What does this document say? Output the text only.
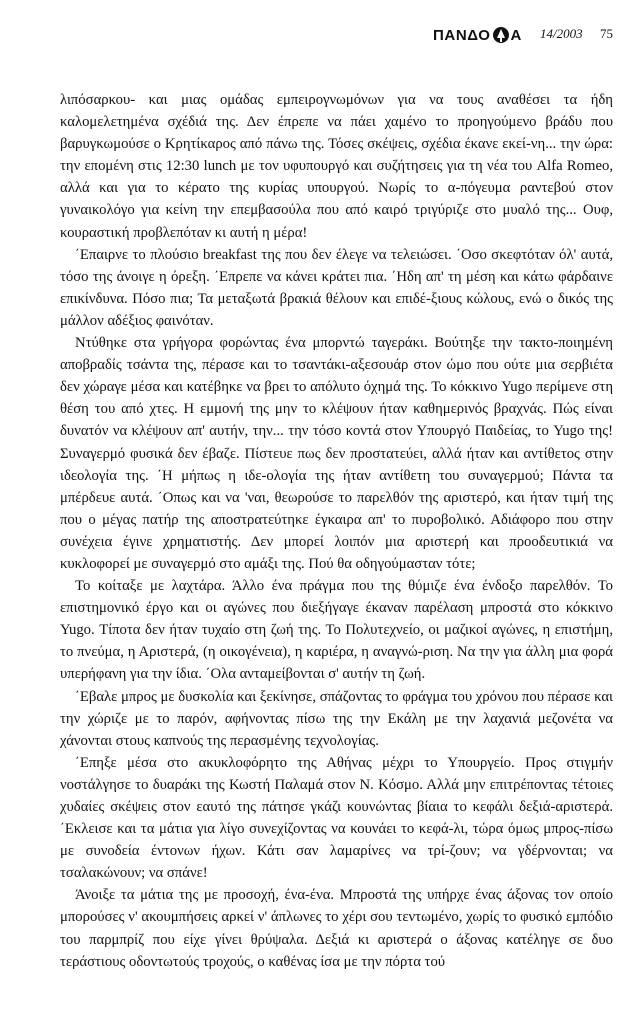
ΠΑΝΔΟ Α 14/2003 75

λιπόσαρκου- και μιας ομάδας εμπειρογνωμόνων για να τους αναθέσει τα ήδη καλομελετημένα σχέδιά της. Δεν έπρεπε να πάει χαμένο το προηγούμενο βράδυ που βαρυγκωμούσε ο Κρητίκαρος από πάνω της. Τόσες σκέψεις, σχέδια έκανε εκεί-νη... την ώρα: την επομένη στις 12:30 lunch με τον υφυπουργό και συζήτησεις για τη νέα του Alfa Romeo, αλλά και για το κέρατο της κυρίας υπουργού. Νωρίς το α-πόγευμα ραντεβού στον γυναικολόγο για κείνη την επεμβασούλα που από καιρό τριγύριζε στο μυαλό της... Ουφ, κουραστική προβλεπόταν κι αυτή η μέρα!

΄Επαιρνε το πλούσιο breakfast της που δεν έλεγε να τελειώσει. ΄Οσο σκεφτόταν όλ' αυτά, τόσο της άνοιγε η όρεξη. ΄Επρεπε να κάνει κράτει πια. ΄Ηδη απ' τη μέση και κάτω φάρδαινε επικίνδυνα. Πόσο πια; Τα μεταξωτά βρακιά θέλουν και επιδέ-ξιους κώλους, ενώ ο δικός της μάλλον αδέξιος φαινόταν.

Ντύθηκε στα γρήγορα φορώντας ένα μπορντώ ταγεράκι. Βούτηξε την τακτο-ποιημένη αποβραδίς τσάντα της, πέρασε και το τσαντάκι-αξεσουάρ στον ώμο που ούτε μια σερβιέτα δεν χώραγε μέσα και κατέβηκε να βρει το απόλυτο όχημά της. Το κόκκινο Yugo περίμενε στη θέση του από χτες. Η εμμονή της μην το κλέψουν ήταν καθημερινός βραχνάς. Πώς είναι δυνατόν να κλέψουν απ' αυτήν, την... την τόσο κοντά στον Υπουργό Παιδείας, το Yugo της! Συναγερμό φυσικά δεν έβαζε. Πίστευε πως δεν προστατεύει, αλλά ήταν και αντίθετος στην ιδεολογία της. ΄Η μήπως η ιδε-ολογία της ήταν αντίθετη του συναγερμού; Πάντα τα μπέρδευε αυτά. ΄Οπως και να 'ναι, θεωρούσε το παρελθόν της αριστερό, και ήταν τιμή της που ο μέγας πατήρ της αποστρατεύτηκε έγκαιρα απ' το πυροβολικό. Αδιάφορο που στην συνέχεια έγινε χρηματιστής. Δεν μπορεί λοιπόν μια αριστερή και προοδευτικιά να κυκλοφορεί με συναγερμό στο αμάξι της. Πού θα οδηγούμασταν τότε;

Το κοίταξε με λαχτάρα. Άλλο ένα πράγμα που της θύμιζε ένα ένδοξο παρελθόν. Το επιστημονικό έργο και οι αγώνες που διεξήγαγε έκαναν παρέλαση μπροστά στο κόκκινο Yugo. Τίποτα δεν ήταν τυχαίο στη ζωή της. Το Πολυτεχνείο, οι μαζικοί αγώνες, η επιστήμη, το πνεύμα, η Αριστερά, (η οικογένεια), η καριέρα, η αναγνώ-ριση. Να την για άλλη μια φορά υπερήφανη για την ίδια. ΄Ολα ανταμείβονται σ' αυτήν τη ζωή.

΄Εβαλε μπρος με δυσκολία και ξεκίνησε, σπάζοντας το φράγμα του χρόνου που πέρασε και την χώριζε με το παρόν, αφήνοντας πίσω της την Εκάλη με την λαχανιά μεζονέτα να χάνονται στους καπνούς της περασμένης τεχνολογίας.

΄Επηξε μέσα στο ακυκλοφόρητο της Αθήνας μέχρι το Υπουργείο. Προς στιγμήν νοστάλγησε το δυαράκι της Κωστή Παλαμά στον Ν. Κόσμο. Αλλά μην επιτρέποντας τέτοιες χυδαίες σκέψεις στον εαυτό της πάτησε γκάζι κουνώντας βίαια το κεφάλι δεξιά-αριστερά. ΄Εκλεισε και τα μάτια για λίγο συνεχίζοντας να κουνάει το κεφά-λι, τώρα όμως μπρος-πίσω με συνοδεία έντονων ήχων. Κάτι σαν λαμαρίνες να τρί-ζουν; να γδέρνονται; να τσαλακώνουν; να σπάνε!

Άνοιξε τα μάτια της με προσοχή, ένα-ένα. Μπροστά της υπήρχε ένας άξονας τον οποίο μπορούσες ν' ακουμπήσεις αρκεί ν' άπλωνες το χέρι σου τεντωμένο, χωρίς το φυσικό εμπόδιο του παρμπρίζ που είχε γίνει θρύψαλα. Δεξιά κι αριστερά ο άξονας κατέληγε σε δυο τεράστιους οδοντωτούς τροχούς, ο καθένας ίσα με την πόρτα τού
